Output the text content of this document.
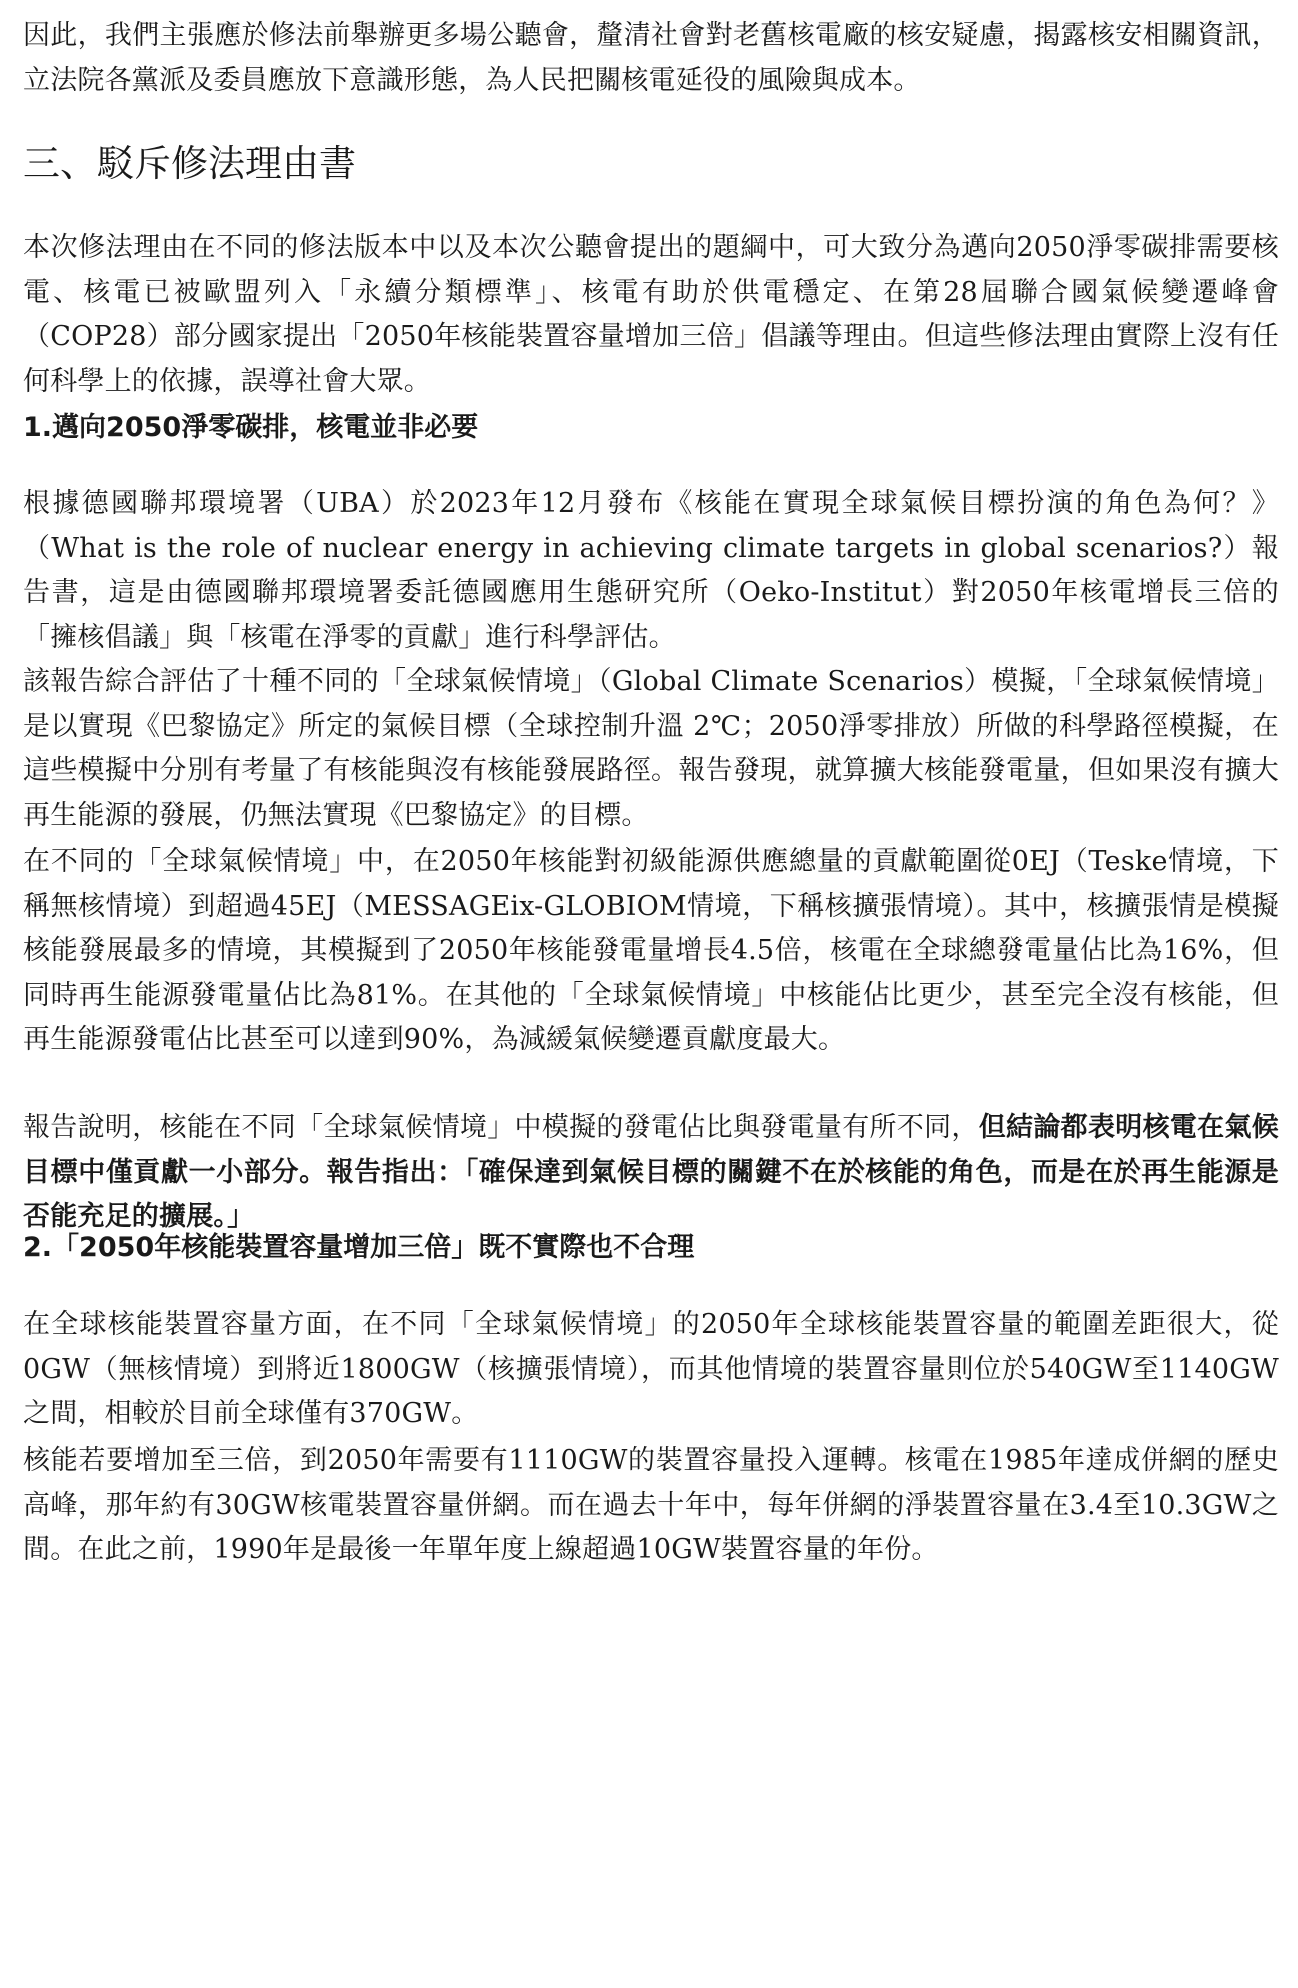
因此，我們主張應於修法前舉辦更多場公聽會，釐清社會對老舊核電廠的核安疑慮，揭露核安相關資訊，立法院各黨派及委員應放下意識形態，為人民把關核電延役的風險與成本。

三、駁斥修法理由書

本次修法理由在不同的修法版本中以及本次公聽會提出的題綱中，可大致分為邁向2050淨零碳排需要核電、核電已被歐盟列入「永續分類標準」、核電有助於供電穩定、在第28屆聯合國氣候變遷峰會（COP28）部分國家提出「2050年核能裝置容量增加三倍」倡議等理由。但這些修法理由實際上沒有任何科學上的依據，誤導社會大眾。

1.邁向2050淨零碳排，核電並非必要

根據德國聯邦環境署（UBA）於2023年12月發布《核能在實現全球氣候目標扮演的角色為何？》（What is the role of nuclear energy in achieving climate targets in global scenarios?）報告書，這是由德國聯邦環境署委託德國應用生態研究所（Oeko-Institut）對2050年核電增長三倍的「擁核倡議」與「核電在淨零的貢獻」進行科學評估。

該報告綜合評估了十種不同的「全球氣候情境」（Global Climate Scenarios）模擬，「全球氣候情境」是以實現《巴黎協定》所定的氣候目標（全球控制升溫 2℃；2050淨零排放）所做的科學路徑模擬，在這些模擬中分別有考量了有核能與沒有核能發展路徑。報告發現，就算擴大核能發電量，但如果沒有擴大再生能源的發展，仍無法實現《巴黎協定》的目標。

在不同的「全球氣候情境」中，在2050年核能對初級能源供應總量的貢獻範圍從0EJ（Teske情境，下稱無核情境）到超過45EJ（MESSAGEix-GLOBIOM情境，下稱核擴張情境）。其中，核擴張情是模擬核能發展最多的情境，其模擬到了2050年核能發電量增長4.5倍，核電在全球總發電量佔比為16%，但同時再生能源發電量佔比為81%。在其他的「全球氣候情境」中核能佔比更少，甚至完全沒有核能，但再生能源發電佔比甚至可以達到90%，為減緩氣候變遷貢獻度最大。

報告說明，核能在不同「全球氣候情境」中模擬的發電佔比與發電量有所不同，但結論都表明核電在氣候目標中僅貢獻一小部分。報告指出：「確保達到氣候目標的關鍵不在於核能的角色，而是在於再生能源是否能充足的擴展。」

2.「2050年核能裝置容量增加三倍」既不實際也不合理

在全球核能裝置容量方面，在不同「全球氣候情境」的2050年全球核能裝置容量的範圍差距很大，從0GW（無核情境）到將近1800GW（核擴張情境），而其他情境的裝置容量則位於540GW至1140GW之間，相較於目前全球僅有370GW。

核能若要增加至三倍，到2050年需要有1110GW的裝置容量投入運轉。核電在1985年達成併網的歷史高峰，那年約有30GW核電裝置容量併網。而在過去十年中，每年併網的淨裝置容量在3.4至10.3GW之間。在此之前，1990年是最後一年單年度上線超過10GW裝置容量的年份。
